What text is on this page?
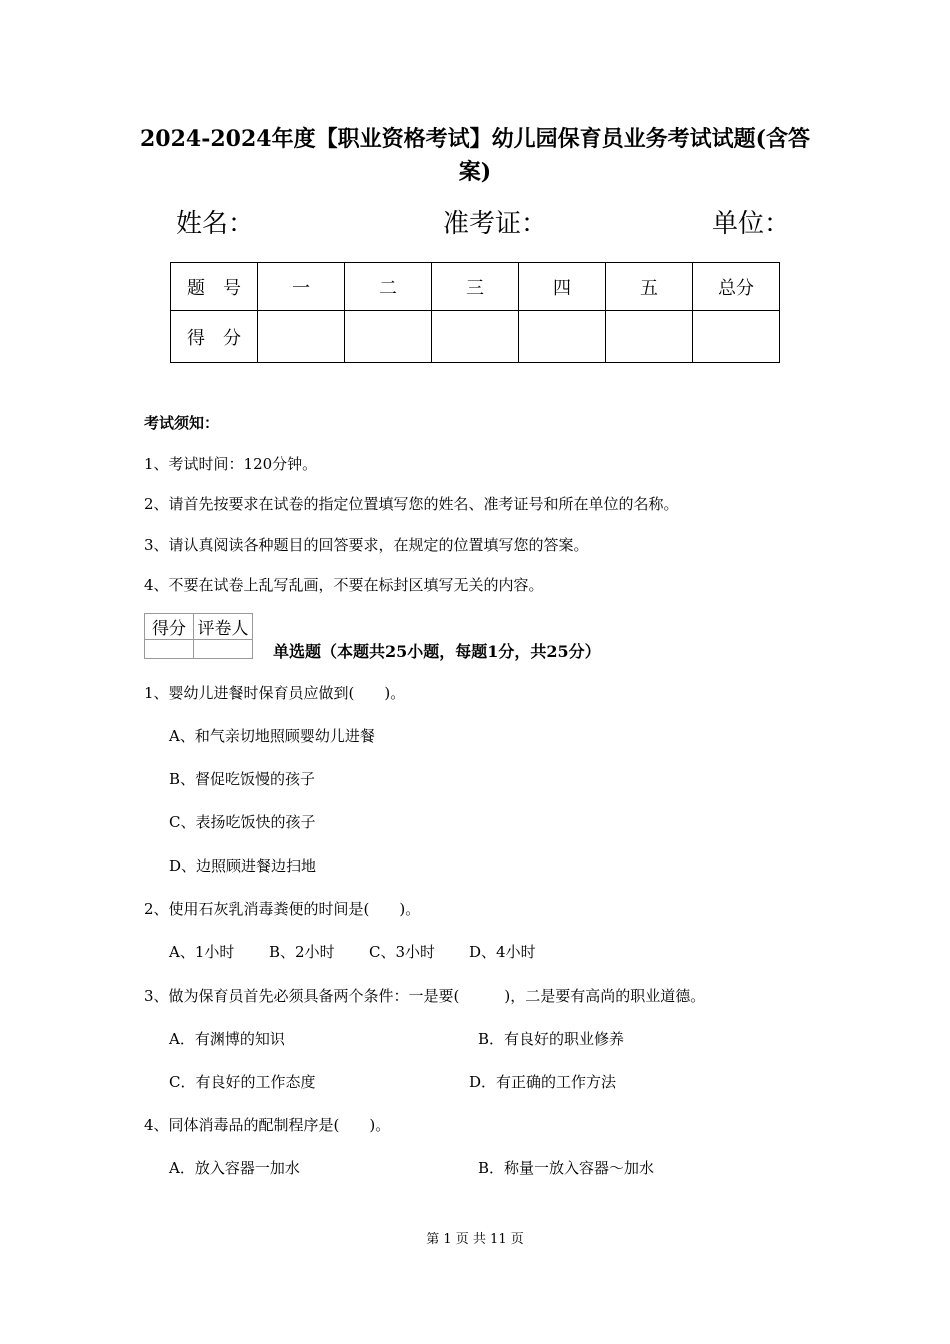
2024-2024年度【职业资格考试】幼儿园保育员业务考试试题(含答
案)
姓名：	准考证：	单位：
题　号	一	二	三	四	五	总分
得　分						
考试须知：
1、考试时间：120分钟。
2、请首先按要求在试卷的指定位置填写您的姓名、准考证号和所在单位的名称。
3、请认真阅读各种题目的回答要求，在规定的位置填写您的答案。
4、不要在试卷上乱写乱画，不要在标封区填写无关的内容。
得分	评卷人

单选题（本题共25小题，每题1分，共25分）
1、婴幼儿进餐时保育员应做到(　　)。
A、和气亲切地照顾婴幼儿进餐
B、督促吃饭慢的孩子
C、表扬吃饭快的孩子
D、边照顾进餐边扫地
2、使用石灰乳消毒粪便的时间是(　　)。
A、1小时 B、2小时 C、3小时 D、4小时
3、做为保育员首先必须具备两个条件：一是要(　　　)，二是要有高尚的职业道德。
A．有渊博的知识	B．有良好的职业修养
C．有良好的工作态度	D．有正确的工作方法
4、同体消毒品的配制程序是(　　)。
A．放入容器一加水	B．称量一放入容器～加水
第 1 页 共 11 页
